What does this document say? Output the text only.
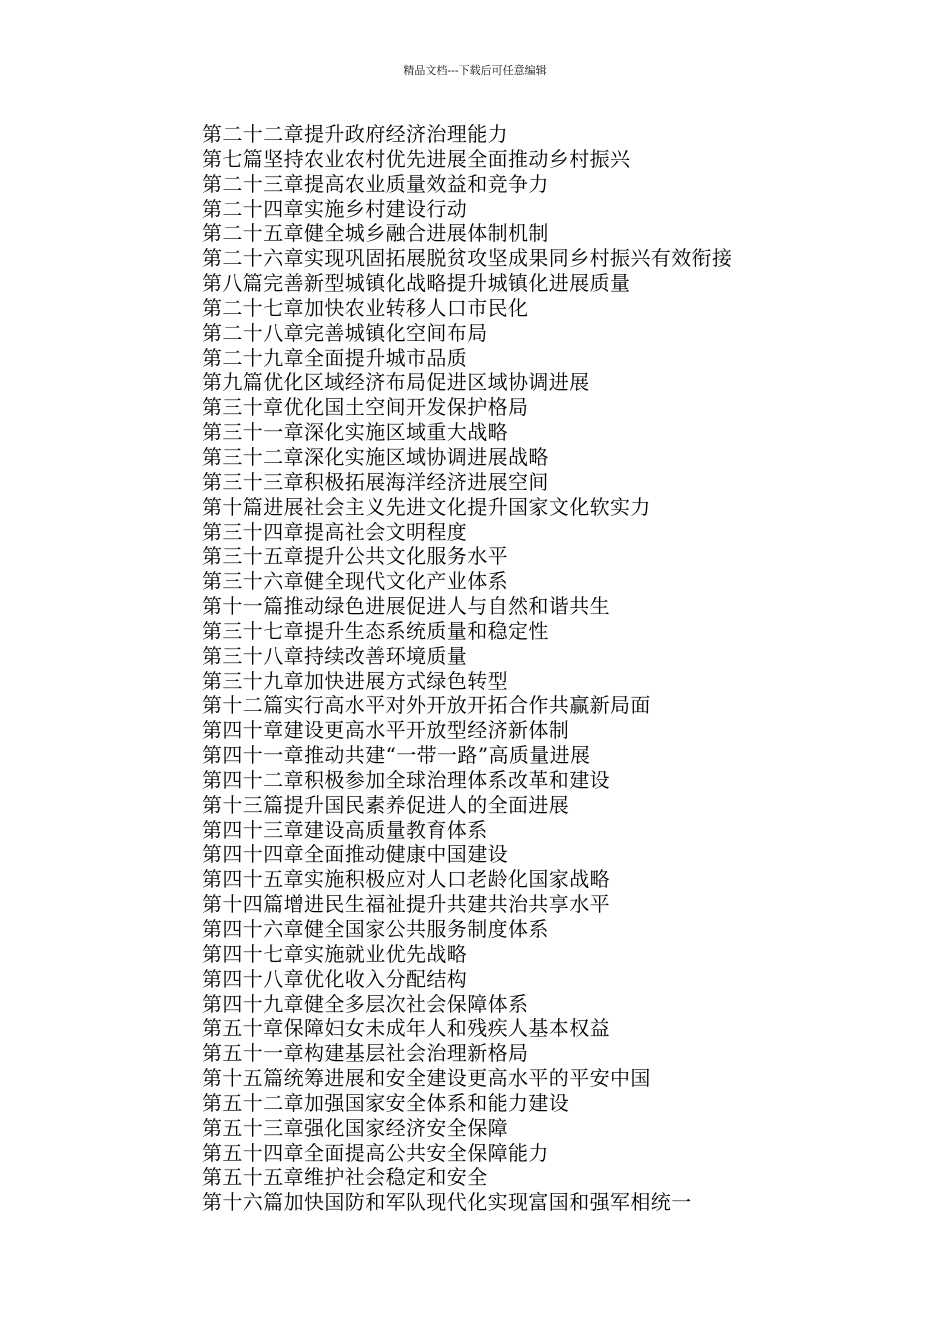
精品文档---下载后可任意编辑
第二十二章提升政府经济治理能力
第七篇坚持农业农村优先进展全面推动乡村振兴
第二十三章提高农业质量效益和竞争力
第二十四章实施乡村建设行动
第二十五章健全城乡融合进展体制机制
第二十六章实现巩固拓展脱贫攻坚成果同乡村振兴有效衔接
第八篇完善新型城镇化战略提升城镇化进展质量
第二十七章加快农业转移人口市民化
第二十八章完善城镇化空间布局
第二十九章全面提升城市品质
第九篇优化区域经济布局促进区域协调进展
第三十章优化国土空间开发保护格局
第三十一章深化实施区域重大战略
第三十二章深化实施区域协调进展战略
第三十三章积极拓展海洋经济进展空间
第十篇进展社会主义先进文化提升国家文化软实力
第三十四章提高社会文明程度
第三十五章提升公共文化服务水平
第三十六章健全现代文化产业体系
第十一篇推动绿色进展促进人与自然和谐共生
第三十七章提升生态系统质量和稳定性
第三十八章持续改善环境质量
第三十九章加快进展方式绿色转型
第十二篇实行高水平对外开放开拓合作共赢新局面
第四十章建设更高水平开放型经济新体制
第四十一章推动共建“一带一路”高质量进展
第四十二章积极参加全球治理体系改革和建设
第十三篇提升国民素养促进人的全面进展
第四十三章建设高质量教育体系
第四十四章全面推动健康中国建设
第四十五章实施积极应对人口老龄化国家战略
第十四篇增进民生福祉提升共建共治共享水平
第四十六章健全国家公共服务制度体系
第四十七章实施就业优先战略
第四十八章优化收入分配结构
第四十九章健全多层次社会保障体系
第五十章保障妇女未成年人和残疾人基本权益
第五十一章构建基层社会治理新格局
第十五篇统筹进展和安全建设更高水平的平安中国
第五十二章加强国家安全体系和能力建设
第五十三章强化国家经济安全保障
第五十四章全面提高公共安全保障能力
第五十五章维护社会稳定和安全
第十六篇加快国防和军队现代化实现富国和强军相统一
